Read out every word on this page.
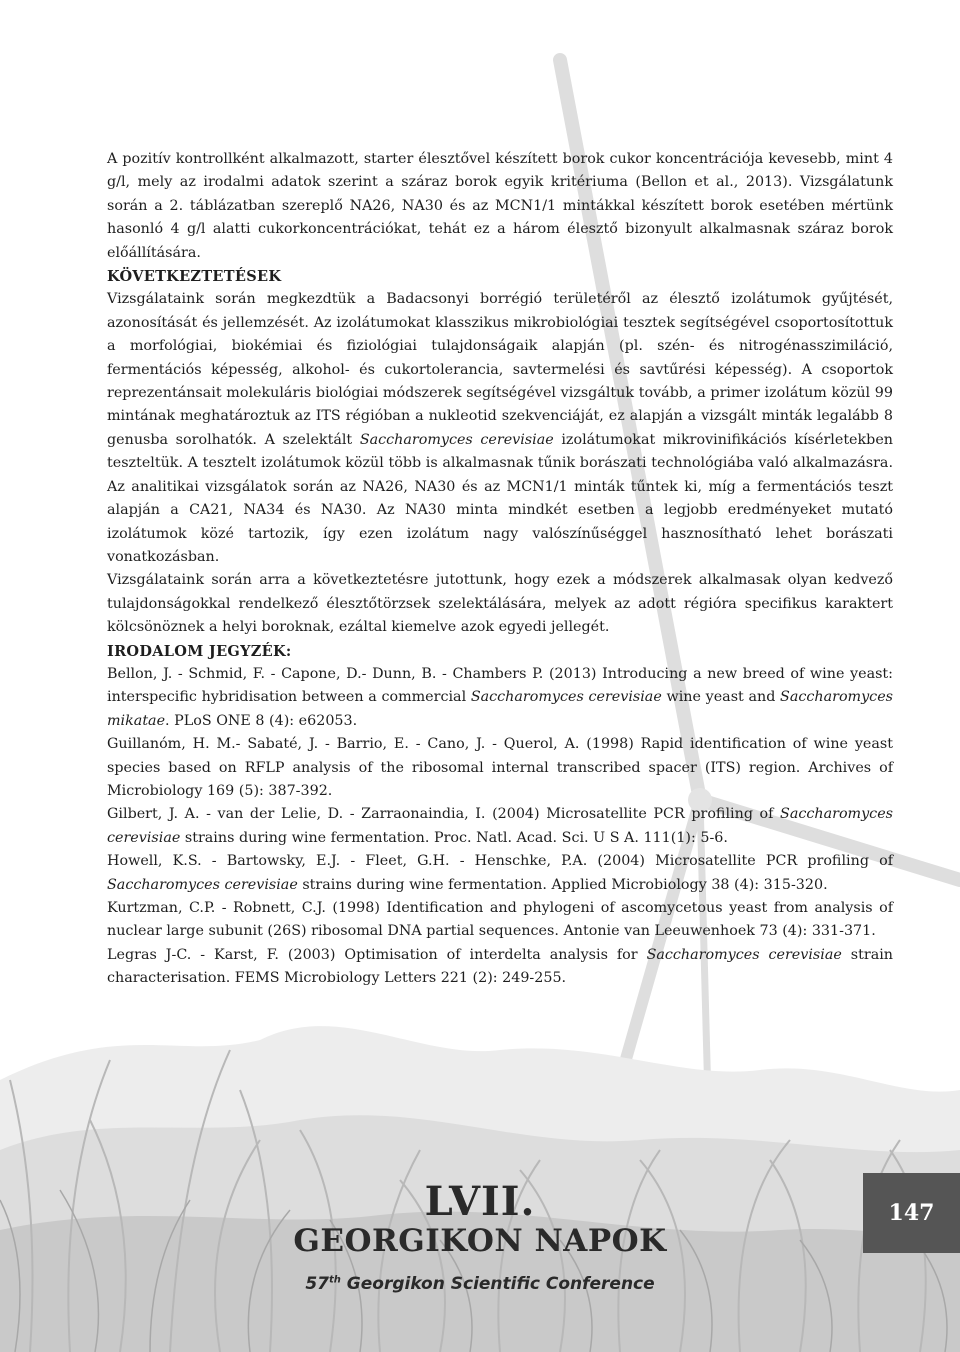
A pozitív kontrollként alkalmazott, starter élesztővel készített borok cukor koncentrációja kevesebb, mint 4 g/l, mely az irodalmi adatok szerint a száraz borok egyik kritériuma (Bellon et al., 2013). Vizsgálatunk során a 2. táblázatban szereplő NA26, NA30 és az MCN1/1 mintákkal készített borok esetében mértünk hasonló 4 g/l alatti cukorkoncentrációkat, tehát ez a három élesztő bizonyult alkalmasnak száraz borok előállítására.

KÖVETKEZTETÉSEK

Vizsgálataink során megkezdtük a Badacsonyi borrégió területéről az élesztő izolátumok gyűjtését, azonosítását és jellemzését. Az izolátumokat klasszikus mikrobiológiai tesztek segítségével csoportosítottuk a morfológiai, biokémiai és fiziológiai tulajdonságaik alapján (pl. szén- és nitrogénasszimiláció, fermentációs képesség, alkohol- és cukortolerancia, savtermelési és savtűrési képesség). A csoportok reprezentánsait molekuláris biológiai módszerek segítségével vizsgáltuk tovább, a primer izolátum közül 99 mintának meghatároztuk az ITS régióban a nukleotid szekvenciáját, ez alapján a vizsgált minták legalább 8 genusba sorolhatók. A szelektált Saccharomyces cerevisiae izolátumokat mikrovinifikációs kísérletekben teszteltük. A tesztelt izolátumok közül több is alkalmasnak tűnik borászati technológiába való alkalmazásra. Az analitikai vizsgálatok során az NA26, NA30 és az MCN1/1 minták tűntek ki, míg a fermentációs teszt alapján a CA21, NA34 és NA30. Az NA30 minta mindkét esetben a legjobb eredményeket mutató izolátumok közé tartozik, így ezen izolátum nagy valószínűséggel hasznosítható lehet borászati vonatkozásban.

Vizsgálataink során arra a következtetésre jutottunk, hogy ezek a módszerek alkalmasak olyan kedvező tulajdonságokkal rendelkező élesztőtörzsek szelektálására, melyek az adott régióra specifikus karaktert kölcsönöznek a helyi boroknak, ezáltal kiemelve azok egyedi jellegét.

IRODALOM JEGYZÉK:

Bellon, J. - Schmid, F. - Capone, D.- Dunn, B. - Chambers P. (2013) Introducing a new breed of wine yeast: interspecific hybridisation between a commercial Saccharomyces cerevisiae wine yeast and Saccharomyces mikatae. PLoS ONE 8 (4): e62053.

Guillanóm, H. M.- Sabaté, J. - Barrio, E. - Cano, J. - Querol, A. (1998) Rapid identification of wine yeast species based on RFLP analysis of the ribosomal internal transcribed spacer (ITS) region. Archives of Microbiology 169 (5): 387-392.

Gilbert, J. A. - van der Lelie, D. - Zarraonaindia, I. (2004) Microsatellite PCR profiling of Saccharomyces cerevisiae strains during wine fermentation. Proc. Natl. Acad. Sci. U S A. 111(1): 5-6.

Howell, K.S. - Bartowsky, E.J. - Fleet, G.H. - Henschke, P.A. (2004) Microsatellite PCR profiling of Saccharomyces cerevisiae strains during wine fermentation. Applied Microbiology 38 (4): 315-320.

Kurtzman, C.P. - Robnett, C.J. (1998) Identification and phylogeni of ascomycetous yeast from analysis of nuclear large subunit (26S) ribosomal DNA partial sequences. Antonie van Leeuwenhoek 73 (4): 331-371.

Legras J-C. - Karst, F. (2003) Optimisation of interdelta analysis for Saccharomyces cerevisiae strain characterisation. FEMS Microbiology Letters 221 (2): 249-255.

LVII.
GEORGIKON NAPOK
57th Georgikon Scientific Conference
147
